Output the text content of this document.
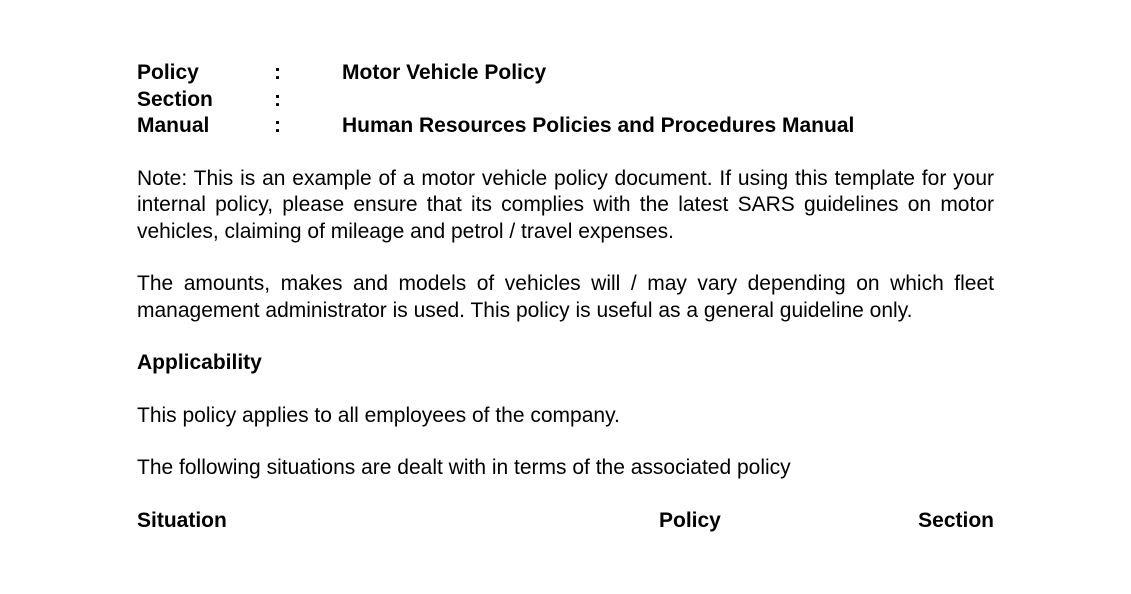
Policy	:	Motor Vehicle Policy
Section	:
Manual	:	Human Resources Policies and Procedures Manual

Note: This is an example of a motor vehicle policy document. If using this template for your internal policy, please ensure that its complies with the latest SARS guidelines on motor vehicles, claiming of mileage and petrol / travel expenses.

The amounts, makes and models of vehicles will / may vary depending on which fleet management administrator is used. This policy is useful as a general guideline only.

Applicability

This policy applies to all employees of the company.

The following situations are dealt with in terms of the associated policy

Situation	Policy	Section
